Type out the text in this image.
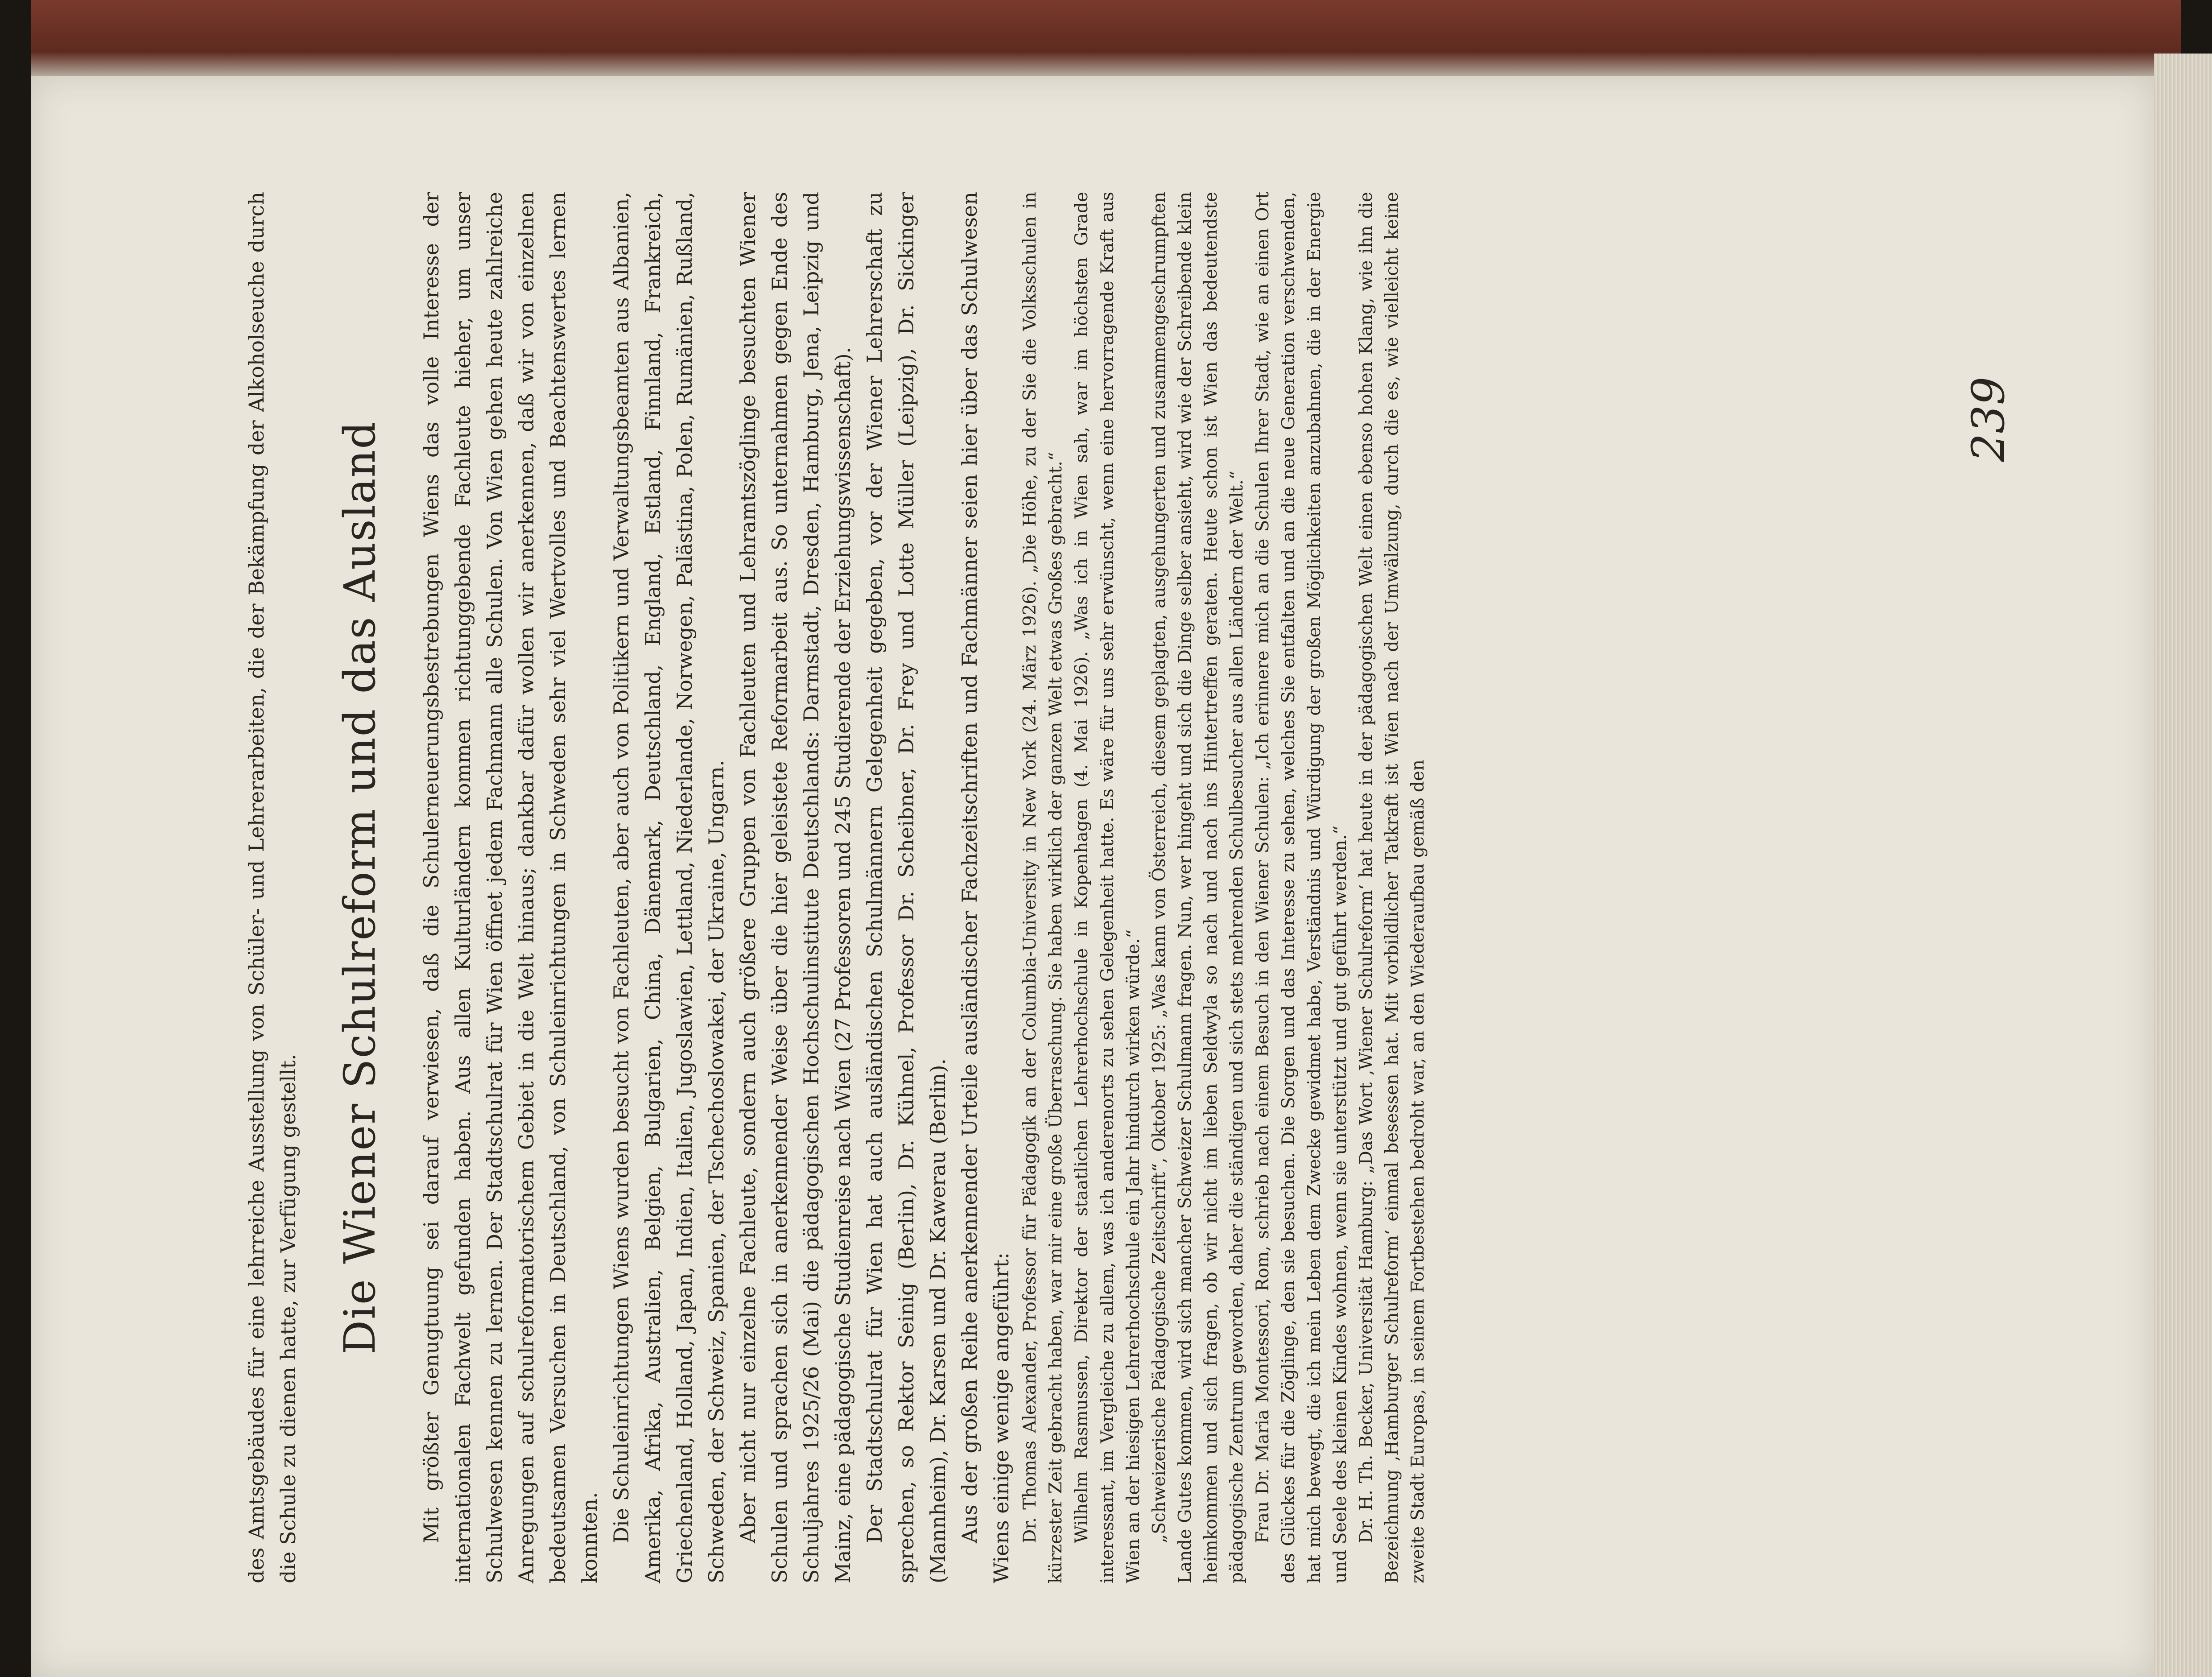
des Amtsgebäudes für eine lehrreiche Ausstellung von Schüler- und Lehrerarbeiten, die der Bekämpfung der Alkoholseuche durch die Schule zu dienen hatte, zur Verfügung gestellt. Die Wiener Schulreform und das Ausland Mit größter Genugtuung sei darauf verwiesen, daß die Schulerneuerungsbestrebungen Wiens das volle Interesse der internationalen Fachwelt gefunden haben. Aus allen Kulturländern kommen richtunggebende Fachleute hieher, um unser Schulwesen kennen zu lernen. Der Stadtschulrat für Wien öffnet jedem Fachmann alle Schulen. Von Wien gehen heute zahlreiche Anregungen auf schulreformatorischem Gebiet in die Welt hinaus; dankbar dafür wollen wir anerkennen, daß wir von einzelnen bedeutsamen Versuchen in Deutschland, von Schuleinrichtungen in Schweden sehr viel Wertvolles und Beachtenswertes lernen konnten. Die Schuleinrichtungen Wiens wurden besucht von Fachleuten, aber auch von Politikern und Verwaltungsbeamten aus Albanien, Amerika, Afrika, Australien, Belgien, Bulgarien, China, Dänemark, Deutschland, England, Estland, Finnland, Frankreich, Griechenland, Holland, Japan, Indien, Italien, Jugoslawien, Lettland, Niederlande, Norwegen, Palästina, Polen, Rumänien, Rußland, Schweden, der Schweiz, Spanien, der Tschechoslowakei, der Ukraine, Ungarn. Aber nicht nur einzelne Fachleute, sondern auch größere Gruppen von Fachleuten und Lehramtszöglinge besuchten Wiener Schulen und sprachen sich in anerkennender Weise über die hier geleistete Reformarbeit aus. So unternahmen gegen Ende des Schuljahres 1925/26 (Mai) die pädagogischen Hochschulinstitute Deutschlands: Darmstadt, Dresden, Hamburg, Jena, Leipzig und Mainz, eine pädagogische Studienreise nach Wien (27 Professoren und 245 Studierende der Erziehungswissenschaft). Der Stadtschulrat für Wien hat auch ausländischen Schulmännern Gelegenheit gegeben, vor der Wiener Lehrerschaft zu sprechen, so Rektor Seinig (Berlin), Dr. Kühnel, Professor Dr. Scheibner, Dr. Frey und Lotte Müller (Leipzig), Dr. Sickinger (Mannheim), Dr. Karsen und Dr. Kawerau (Berlin). Aus der großen Reihe anerkennender Urteile ausländischer Fachzeitschriften und Fachmänner seien hier über das Schulwesen Wiens einige wenige angeführt: Dr. Thomas Alexander, Professor für Pädagogik an der Columbia-University in New York (24. März 1926). „Die Höhe, zu der Sie die Volksschulen in kürzester Zeit gebracht haben, war mir eine große Überraschung. Sie haben wirklich der ganzen Welt etwas Großes gebracht.“ Wilhelm Rasmussen, Direktor der staatlichen Lehrerhochschule in Kopenhagen (4. Mai 1926). „Was ich in Wien sah, war im höchsten Grade interessant, im Vergleiche zu allem, was ich anderenorts zu sehen Gelegenheit hatte. Es wäre für uns sehr erwünscht, wenn eine hervorragende Kraft aus Wien an der hiesigen Lehrerhochschule ein Jahr hindurch wirken würde.“ „Schweizerische Pädagogische Zeitschrift“, Oktober 1925: „Was kann von Österreich, diesem geplagten, ausgehungerten und zusammengeschrumpften Lande Gutes kommen, wird sich mancher Schweizer Schulmann fragen. Nun, wer hingeht und sich die Dinge selber ansieht, wird wie der Schreibende klein heimkommen und sich fragen, ob wir nicht im lieben Seldwyla so nach und nach ins Hintertreffen geraten. Heute schon ist Wien das bedeutendste pädagogische Zentrum geworden, daher die ständigen und sich stets mehrenden Schulbesucher aus allen Ländern der Welt.“ Frau Dr. Maria Montessori, Rom, schrieb nach einem Besuch in den Wiener Schulen: „Ich erinnere mich an die Schulen Ihrer Stadt, wie an einen Ort des Glückes für die Zöglinge, den sie besuchen. Die Sorgen und das Interesse zu sehen, welches Sie entfalten und an die neue Generation verschwenden, hat mich bewegt, die ich mein Leben dem Zwecke gewidmet habe, Verständnis und Würdigung der großen Möglichkeiten anzubahnen, die in der Energie und Seele des kleinen Kindes wohnen, wenn sie unterstützt und gut geführt werden.“ Dr. H. Th. Becker, Universität Hamburg: „Das Wort ‚Wiener Schulreform‘ hat heute in der pädagogischen Welt einen ebenso hohen Klang, wie ihn die Bezeichnung ‚Hamburger Schulreform‘ einmal besessen hat. Mit vorbildlicher Tatkraft ist Wien nach der Umwälzung, durch die es, wie vielleicht keine zweite Stadt Europas, in seinem Fortbestehen bedroht war, an den Wiederaufbau gemäß den

239
